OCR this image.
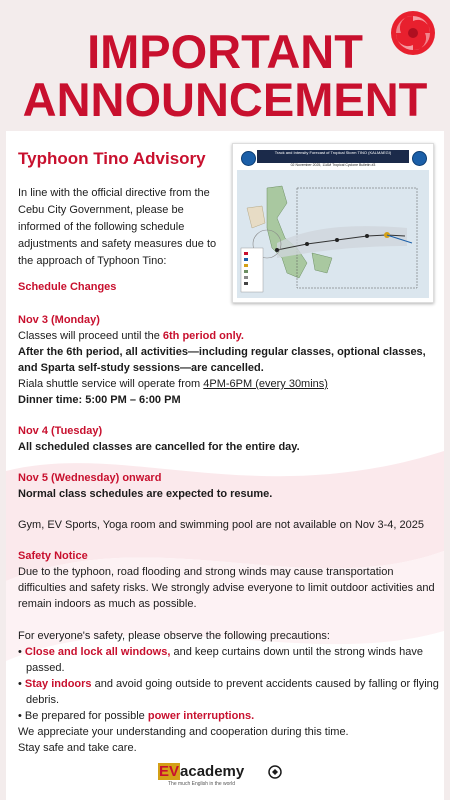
IMPORTANT
ANNOUNCEMENT
Typhoon Tino Advisory
In line with the official directive from the Cebu City Government, please be informed of the following schedule adjustments and safety measures due to the approach of Typhoon Tino:
Track and Intensity Forecast of Tropical Storm TINO (KALMAEGI)
02 November 2025, 11AM Tropical Cyclone Bulletin #3
Schedule Changes
Nov 3 (Monday)
Classes will proceed until the 6th period only.
After the 6th period, all activities—including regular classes, optional classes, and Sparta self-study sessions—are cancelled.
Riala shuttle service will operate from 4PM-6PM (every 30mins)
Dinner time: 5:00 PM – 6:00 PM
Nov 4 (Tuesday)
All scheduled classes are cancelled for the entire day.
Nov 5 (Wednesday) onward
Normal class schedules are expected to resume.
Gym, EV Sports, Yoga room and swimming pool are not available on Nov 3-4, 2025
Safety Notice
Due to the typhoon, road flooding and strong winds may cause transportation difficulties and safety risks. We strongly advise everyone to limit outdoor activities and remain indoors as much as possible.
For everyone's safety, please observe the following precautions:
• Close and lock all windows, and keep curtains down until the strong winds have passed.
• Stay indoors and avoid going outside to prevent accidents caused by falling or flying debris.
• Be prepared for possible power interruptions.
We appreciate your understanding and cooperation during this time.
Stay safe and take care.
EVacademy
The much English in the world
